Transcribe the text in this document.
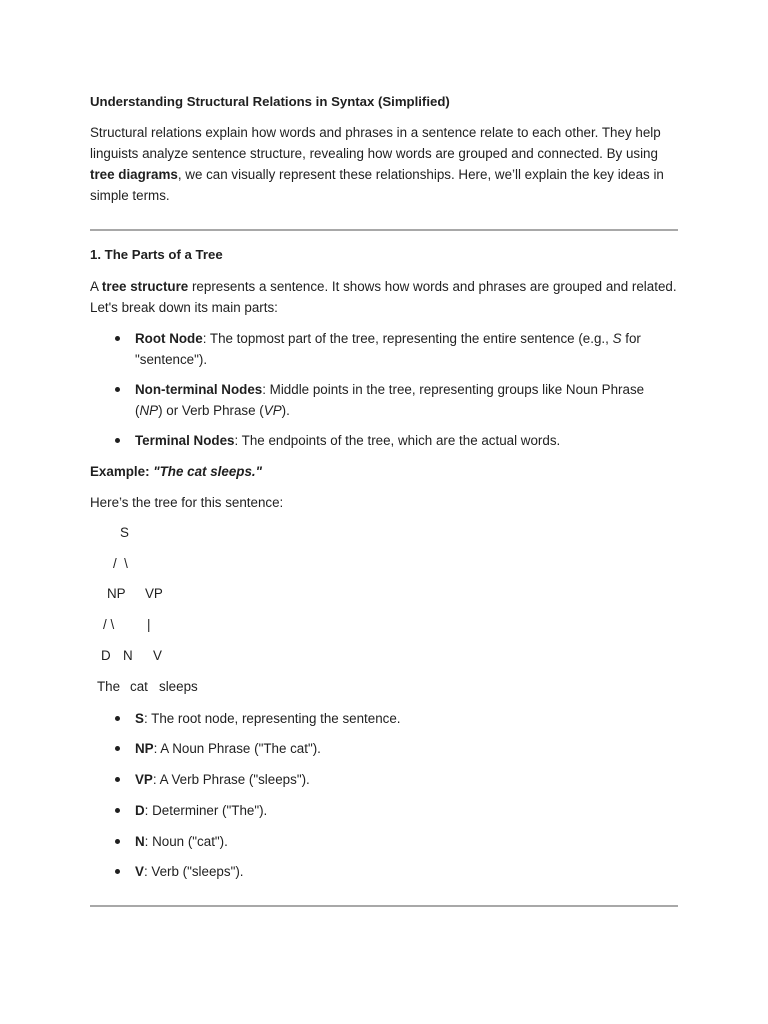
Understanding Structural Relations in Syntax (Simplified)
Structural relations explain how words and phrases in a sentence relate to each other. They help linguists analyze sentence structure, revealing how words are grouped and connected. By using tree diagrams, we can visually represent these relationships. Here, we’ll explain the key ideas in simple terms.
1. The Parts of a Tree
A tree structure represents a sentence. It shows how words and phrases are grouped and related. Let's break down its main parts:
Root Node: The topmost part of the tree, representing the entire sentence (e.g., S for "sentence").
Non-terminal Nodes: Middle points in the tree, representing groups like Noun Phrase (NP) or Verb Phrase (VP).
Terminal Nodes: The endpoints of the tree, which are the actual words.
Example: "The cat sleeps."
Here’s the tree for this sentence:
S
/  \
NP VP
/ \ |
D N V
The cat sleeps
S: The root node, representing the sentence.
NP: A Noun Phrase ("The cat").
VP: A Verb Phrase ("sleeps").
D: Determiner ("The").
N: Noun ("cat").
V: Verb ("sleeps").
